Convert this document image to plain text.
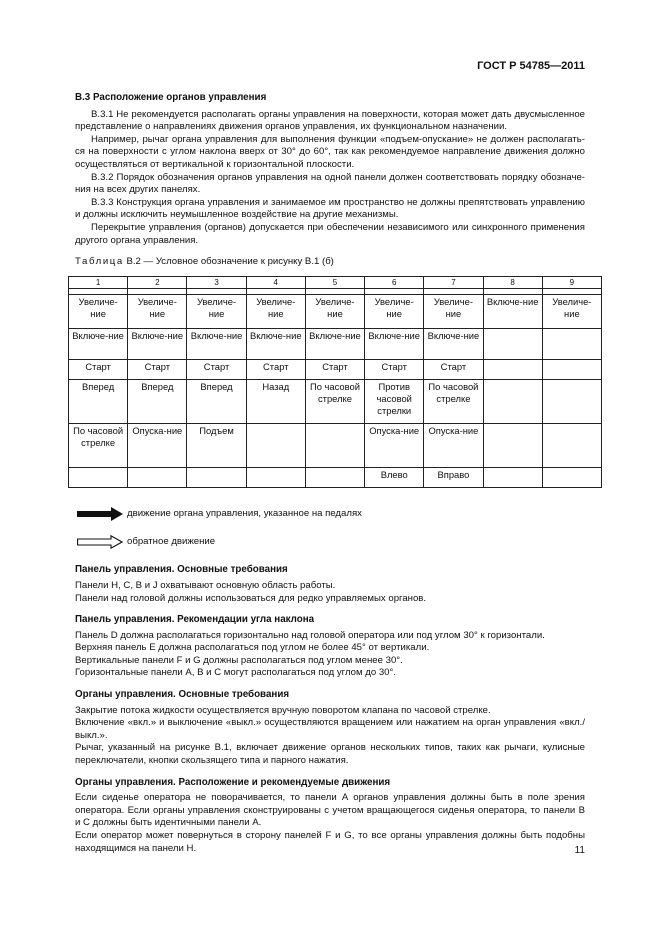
ГОСТ Р 54785—2011
В.3 Расположение органов управления

В.3.1 Не рекомендуется располагать органы управления на поверхности, которая может дать двусмысленное представление о направлениях движения органов управления, их функциональном назначении.

Например, рычаг органа управления для выполнения функции «подъем-опускание» не должен располагать-ся на поверхности с углом наклона вверх от 30° до 60°, так как рекомендуемое направление движения должно осуществляться от вертикальной к горизонтальной плоскости.

В.3.2 Порядок обозначения органов управления на одной панели должен соответствовать порядку обозначе-ния на всех других панелях.

В.3.3 Конструкция органа управления и занимаемое им пространство не должны препятствовать управлению и должны исключить неумышленное воздействие на другие механизмы.

Перекрытие управления (органов) допускается при обеспечении независимого или синхронного применения другого органа управления.

Таблица В.2 — Условное обозначение к рисунку В.1 (б)
1	2	3	4	5	6	7	8	9

Увеличе-ние	Увеличе-ние	Увеличе-ние	Увеличе-ние	Увеличе-ние	Увеличе-ние	Увеличе-ние	Включе-ние	Увеличе-ние
Включе-ние	Включе-ние	Включе-ние	Включе-ние	Включе-ние	Включе-ние	Включе-ние		
Старт	Старт	Старт	Старт	Старт	Старт	Старт		
Вперед	Вперед	Вперед	Назад	По часовой стрелке	Против часовой стрелки	По часовой стрелке		
По часовой стрелке	Опуска-ние	Подъем			Опуска-ние	Опуска-ние		
					Влево	Вправо		
движение органа управления, указанное на педалях
обратное движение
Панель управления. Основные требования

Панели Н, С, В и J охватывают основную область работы.

Панели над головой должны использоваться для редко управляемых органов.

Панель управления. Рекомендации угла наклона

Панель D должна располагаться горизонтально над головой оператора или под углом 30° к горизонтали.

Верхняя панель Е должна располагаться под углом не более 45° от вертикали.

Вертикальные панели F и G должны располагаться под углом менее 30°.

Горизонтальные панели А, В и С могут располагаться под углом до 30°.

Органы управления. Основные требования

Закрытие потока жидкости осуществляется вручную поворотом клапана по часовой стрелке.

Включение «вкл.» и выключение «выкл.» осуществляются вращением или нажатием на орган управления «вкл./выкл.».

Рычаг, указанный на рисунке В.1, включает движение органов нескольких типов, таких как рычаги, кулисные переключатели, кнопки скользящего типа и парного нажатия.

Органы управления. Расположение и рекомендуемые движения

Если сиденье оператора не поворачивается, то панели А органов управления должны быть в поле зрения оператора. Если органы управления сконструированы с учетом вращающегося сиденья оператора, то панели В и С должны быть идентичными панели А.

Если оператор может повернуться в сторону панелей F и G, то все органы управления должны быть подобны находящимся на панели Н.	11
